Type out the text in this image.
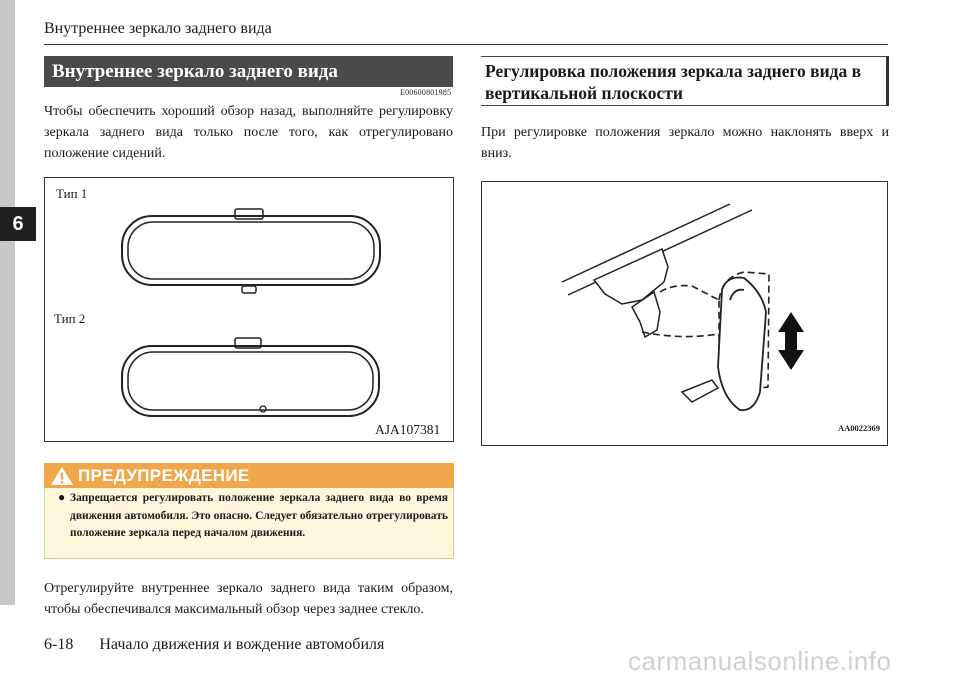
6
Внутреннее зеркало заднего вида
Внутреннее зеркало заднего вида
E00600801985
Чтобы обеспечить хороший обзор назад, выполняйте регулировку зеркала заднего вида только после того, как отрегулировано положение сидений.
Тип 1
Тип 2
AJA107381
ПРЕДУПРЕЖДЕНИЕ
● Запрещается регулировать положение зеркала заднего вида во время движения автомобиля. Это опасно. Следует обязательно отрегулировать положение зеркала перед началом движения.
Отрегулируйте внутреннее зеркало заднего вида таким образом, чтобы обеспечивался максимальный обзор через заднее стекло.
Регулировка положения зеркала заднего вида в вертикальной плоскости
При регулировке положения зеркало можно наклонять вверх и вниз.
AA0022369
6-18 Начало движения и вождение автомобиля
carmanualsonline.info
